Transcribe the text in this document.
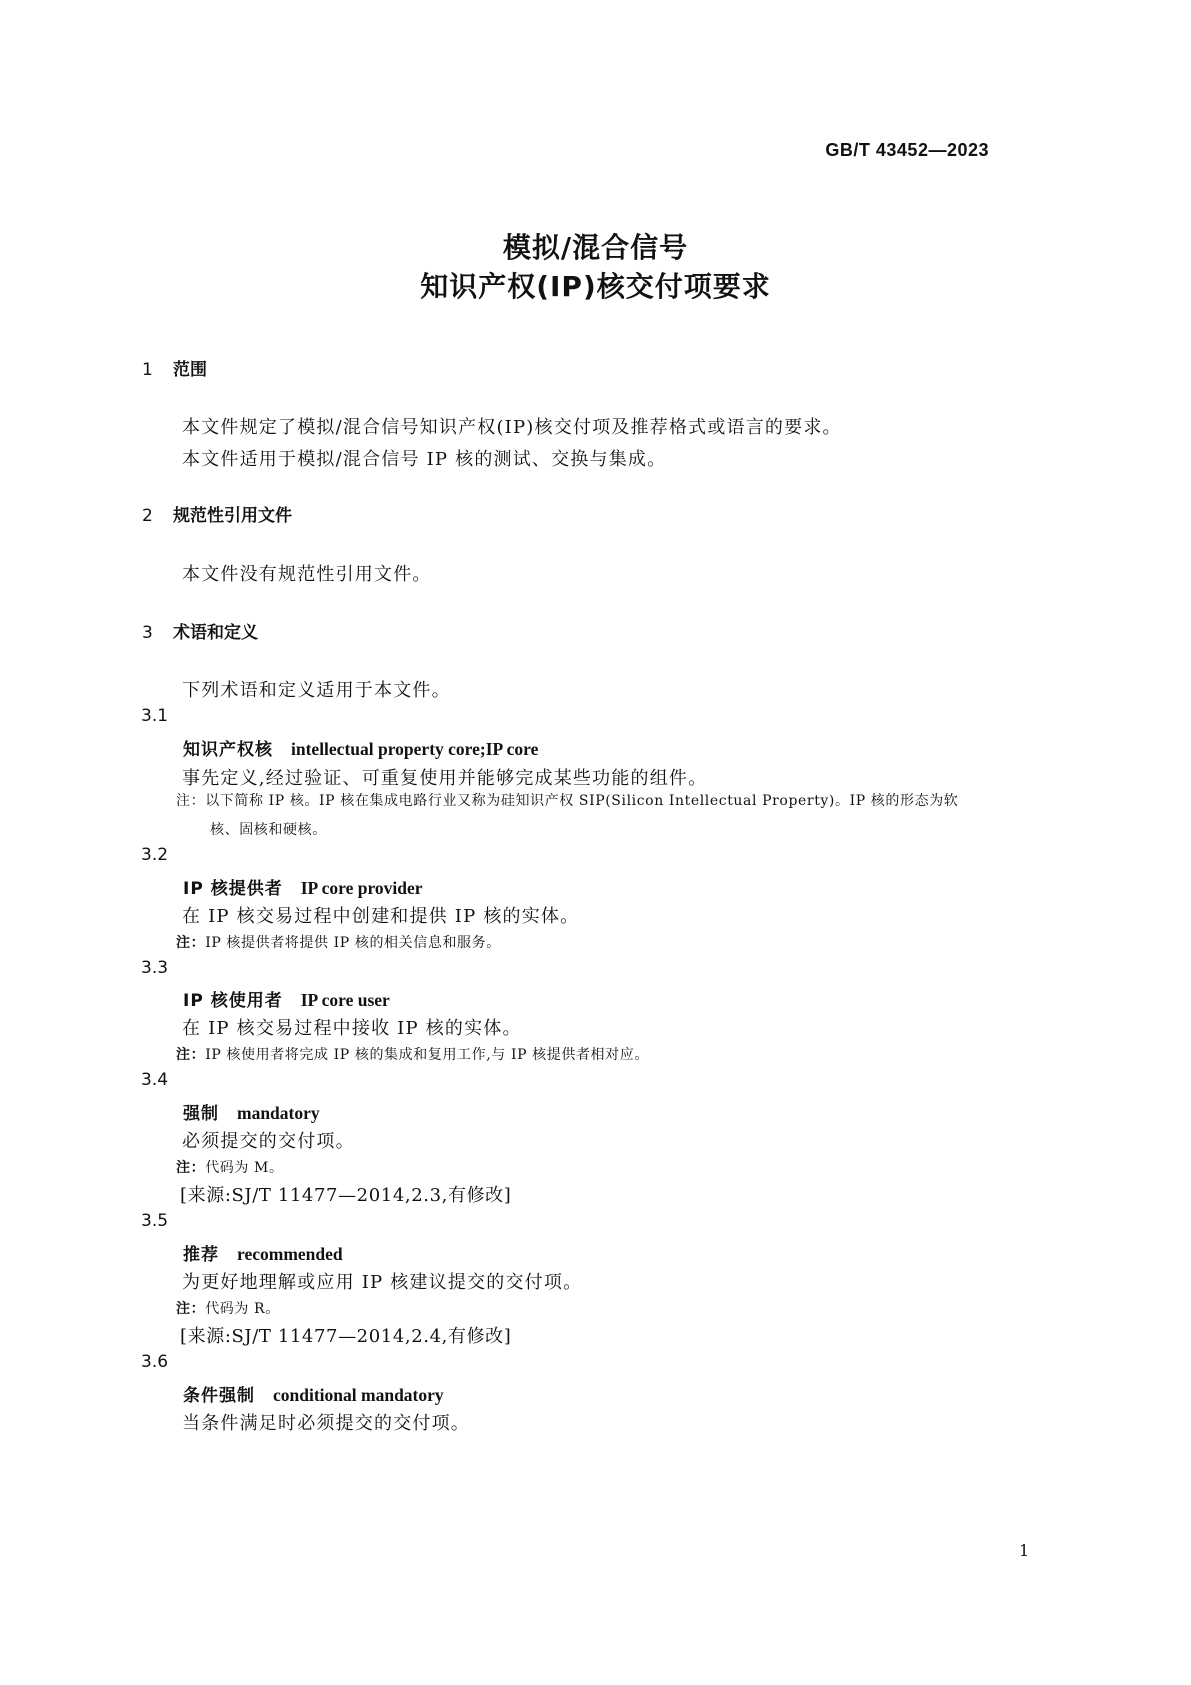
GB/T 43452—2023
模拟/混合信号
知识产权(IP)核交付项要求
1 范围
本文件规定了模拟/混合信号知识产权(IP)核交付项及推荐格式或语言的要求。
本文件适用于模拟/混合信号 IP 核的测试、交换与集成。
2 规范性引用文件
本文件没有规范性引用文件。
3 术语和定义
下列术语和定义适用于本文件。
3.1
知识产权核 intellectual property core;IP core
事先定义,经过验证、可重复使用并能够完成某些功能的组件。
注：以下简称 IP 核。IP 核在集成电路行业又称为硅知识产权 SIP(Silicon Intellectual Property)。IP 核的形态为软
核、固核和硬核。
3.2
IP 核提供者 IP core provider
在 IP 核交易过程中创建和提供 IP 核的实体。
注：IP 核提供者将提供 IP 核的相关信息和服务。
3.3
IP 核使用者 IP core user
在 IP 核交易过程中接收 IP 核的实体。
注：IP 核使用者将完成 IP 核的集成和复用工作,与 IP 核提供者相对应。
3.4
强制 mandatory
必须提交的交付项。
注：代码为 M。
[来源:SJ/T 11477—2014,2.3,有修改]
3.5
推荐 recommended
为更好地理解或应用 IP 核建议提交的交付项。
注：代码为 R。
[来源:SJ/T 11477—2014,2.4,有修改]
3.6
条件强制 conditional mandatory
当条件满足时必须提交的交付项。
1
